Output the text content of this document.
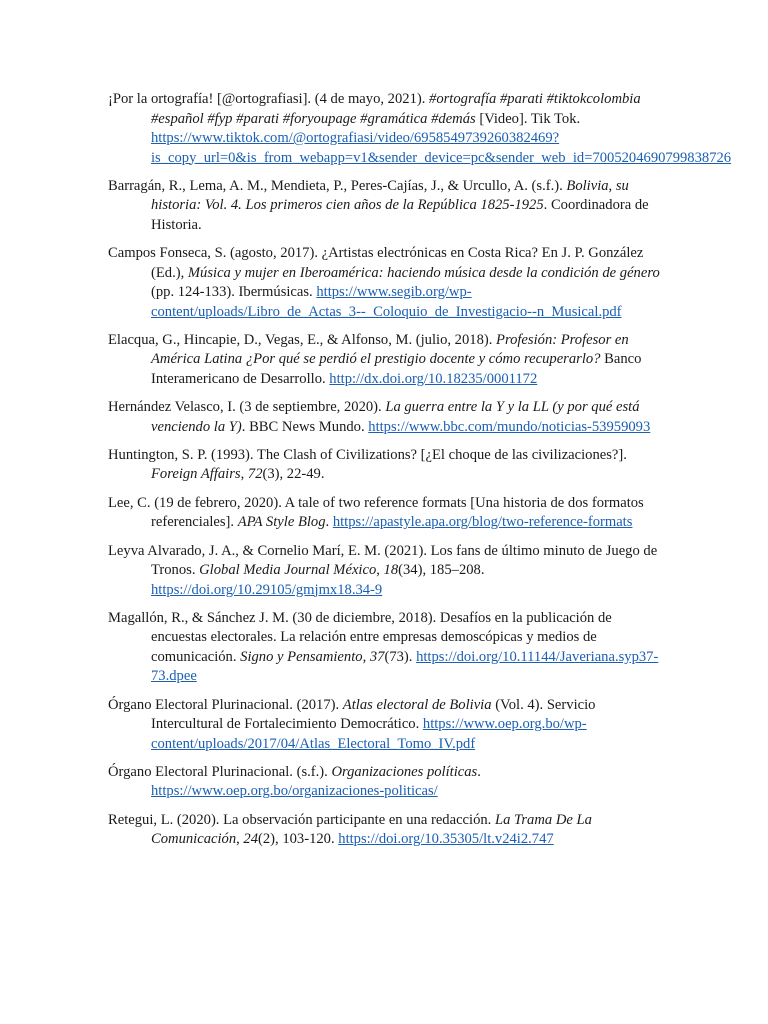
¡Por la ortografía! [@ortografiasi]. (4 de mayo, 2021). #ortografía #parati #tiktokcolombia #español #fyp #parati #foryoupage #gramática #demás [Video]. Tik Tok. https://www.tiktok.com/@ortografiasi/video/6958549739260382469?is_copy_url=0&is_from_webapp=v1&sender_device=pc&sender_web_id=7005204690799838726

Barragán, R., Lema, A. M., Mendieta, P., Peres-Cajías, J., & Urcullo, A. (s.f.). Bolivia, su historia: Vol. 4. Los primeros cien años de la República 1825-1925. Coordinadora de Historia.

Campos Fonseca, S. (agosto, 2017). ¿Artistas electrónicas en Costa Rica? En J. P. González (Ed.), Música y mujer en Iberoamérica: haciendo música desde la condición de género (pp. 124-133). Ibermúsicas. https://www.segib.org/wp-content/uploads/Libro_de_Actas_3--_Coloquio_de_Investigacio--n_Musical.pdf

Elacqua, G., Hincapie, D., Vegas, E., & Alfonso, M. (julio, 2018). Profesión: Profesor en América Latina ¿Por qué se perdió el prestigio docente y cómo recuperarlo? Banco Interamericano de Desarrollo. http://dx.doi.org/10.18235/0001172

Hernández Velasco, I. (3 de septiembre, 2020). La guerra entre la Y y la LL (y por qué está venciendo la Y). BBC News Mundo. https://www.bbc.com/mundo/noticias-53959093

Huntington, S. P. (1993). The Clash of Civilizations? [¿El choque de las civilizaciones?]. Foreign Affairs, 72(3), 22-49.

Lee, C. (19 de febrero, 2020). A tale of two reference formats [Una historia de dos formatos referenciales]. APA Style Blog. https://apastyle.apa.org/blog/two-reference-formats

Leyva Alvarado, J. A., & Cornelio Marí, E. M. (2021). Los fans de último minuto de Juego de Tronos. Global Media Journal México, 18(34), 185–208. https://doi.org/10.29105/gmjmx18.34-9

Magallón, R., & Sánchez J. M. (30 de diciembre, 2018). Desafíos en la publicación de encuestas electorales. La relación entre empresas demoscópicas y medios de comunicación. Signo y Pensamiento, 37(73). https://doi.org/10.11144/Javeriana.syp37-73.dpee

Órgano Electoral Plurinacional. (2017). Atlas electoral de Bolivia (Vol. 4). Servicio Intercultural de Fortalecimiento Democrático. https://www.oep.org.bo/wp-content/uploads/2017/04/Atlas_Electoral_Tomo_IV.pdf

Órgano Electoral Plurinacional. (s.f.). Organizaciones políticas. https://www.oep.org.bo/organizaciones-politicas/

Retegui, L. (2020). La observación participante en una redacción. La Trama De La Comunicación, 24(2), 103-120. https://doi.org/10.35305/lt.v24i2.747
